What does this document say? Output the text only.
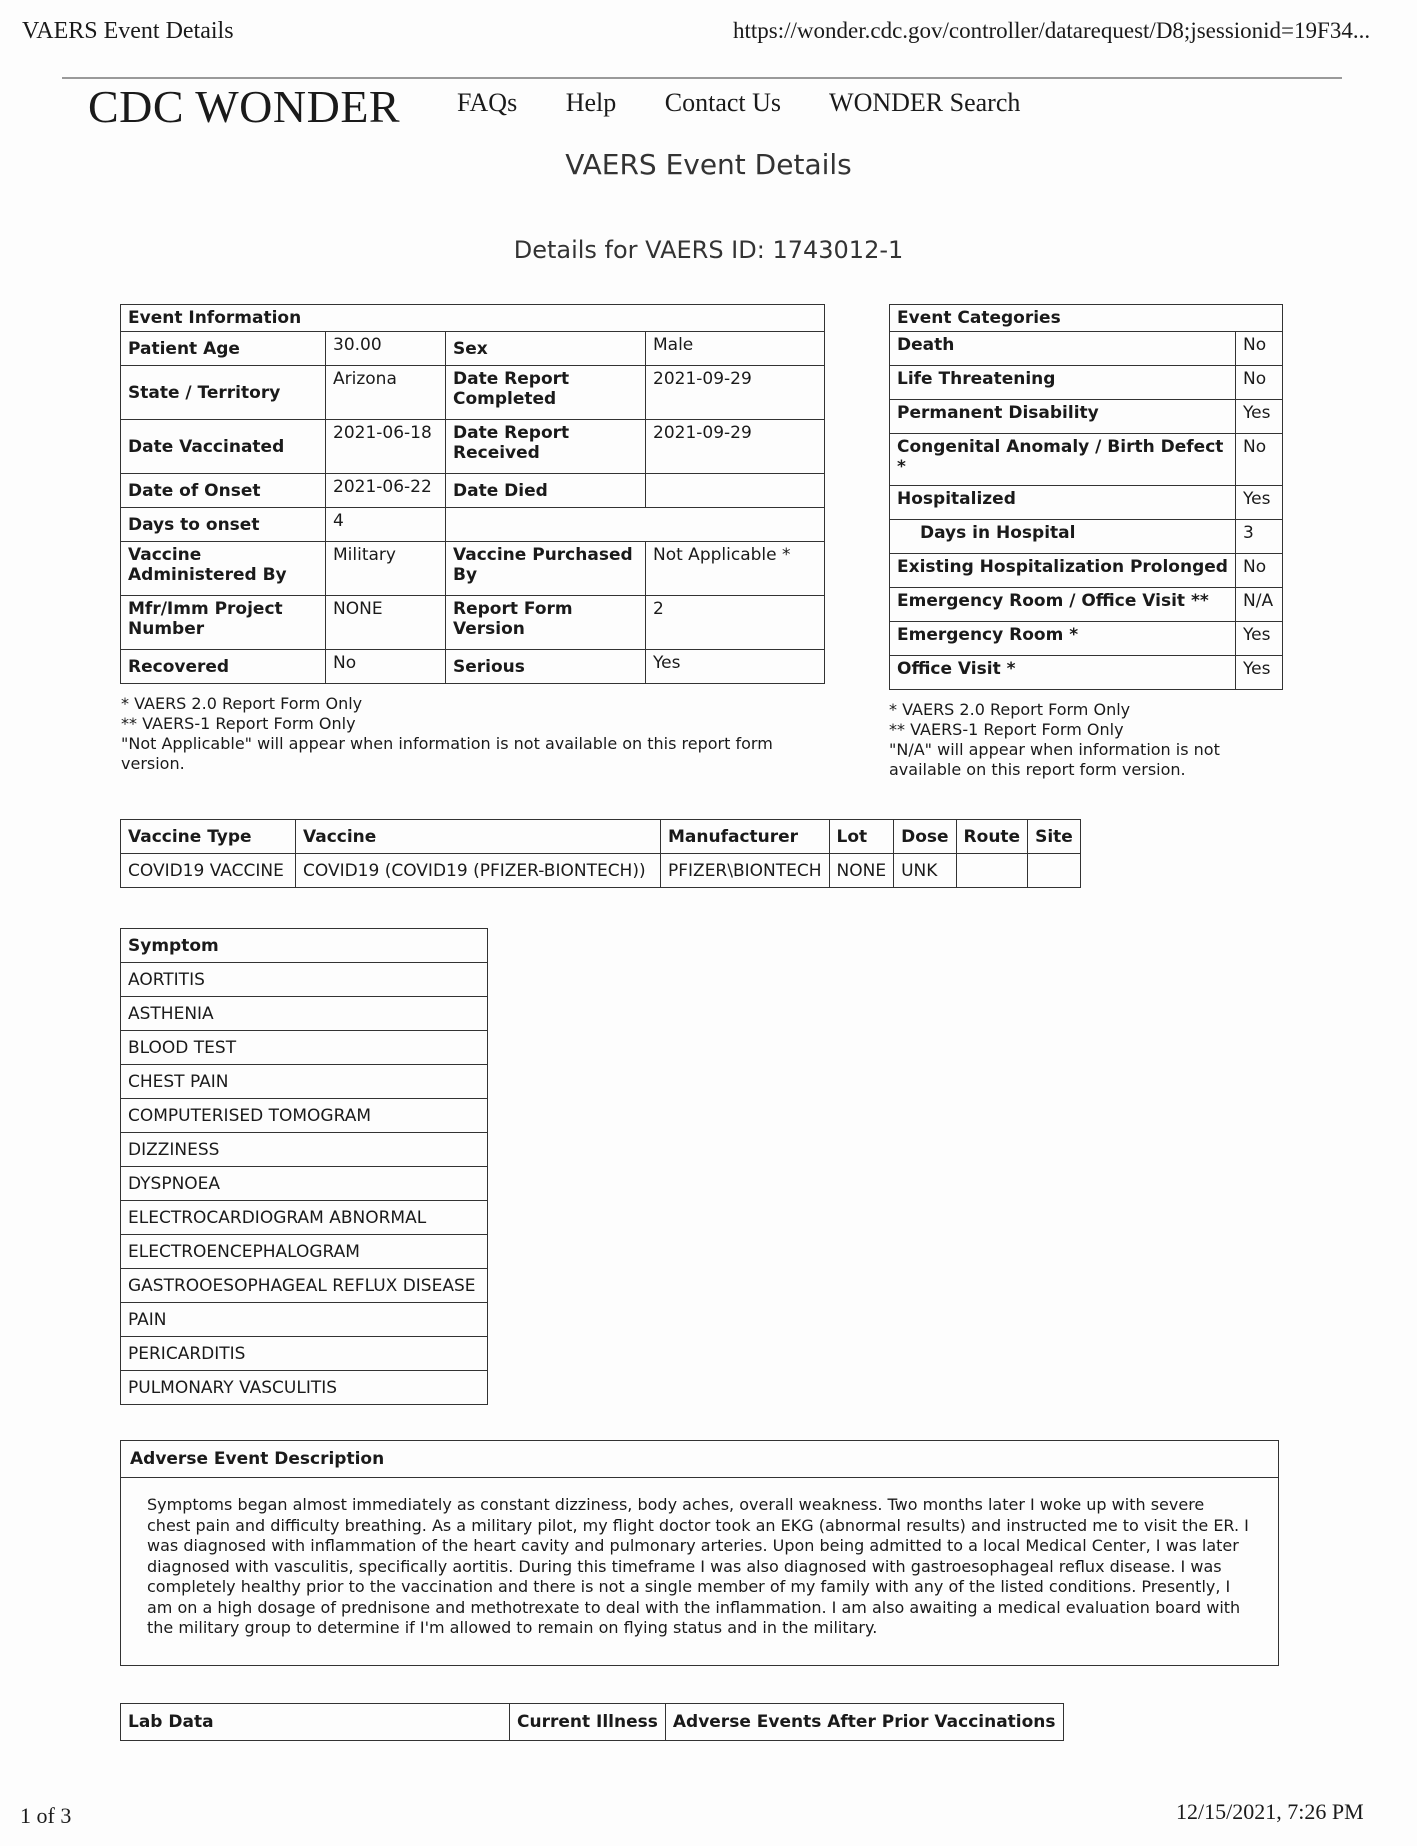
VAERS Event Details	https://wonder.cdc.gov/controller/datarequest/D8;jsessionid=19F34...
CDC WONDER FAQs Help Contact Us WONDER Search
VAERS Event Details
Details for VAERS ID: 1743012-1
Event Information			
Patient Age	30.00	Sex	Male
State / Territory	Arizona	Date Report Completed	2021-09-29
Date Vaccinated	2021-06-18	Date Report Received	2021-09-29
Date of Onset	2021-06-22	Date Died	
Days to onset	4		
Vaccine Administered By	Military	Vaccine Purchased By	Not Applicable *
Mfr/Imm Project Number	NONE	Report Form Version	2
Recovered	No	Serious	Yes
* VAERS 2.0 Report Form Only
** VAERS-1 Report Form Only
"Not Applicable" will appear when information is not available on this report form version.
Event Categories	
Death	No
Life Threatening	No
Permanent Disability	Yes
Congenital Anomaly / Birth Defect *	No
Hospitalized	Yes
Days in Hospital	3
Existing Hospitalization Prolonged	No
Emergency Room / Office Visit **	N/A
Emergency Room *	Yes
Office Visit *	Yes
* VAERS 2.0 Report Form Only
** VAERS-1 Report Form Only
"N/A" will appear when information is not available on this report form version.
Vaccine Type	Vaccine	Manufacturer	Lot	Dose	Route	Site
COVID19 VACCINE	COVID19 (COVID19 (PFIZER-BIONTECH))	PFIZER\BIONTECH	NONE	UNK		
Symptom
AORTITIS
ASTHENIA
BLOOD TEST
CHEST PAIN
COMPUTERISED TOMOGRAM
DIZZINESS
DYSPNOEA
ELECTROCARDIOGRAM ABNORMAL
ELECTROENCEPHALOGRAM
GASTROOESOPHAGEAL REFLUX DISEASE
PAIN
PERICARDITIS
PULMONARY VASCULITIS
Adverse Event Description
Symptoms began almost immediately as constant dizziness, body aches, overall weakness. Two months later I woke up with severe chest pain and difficulty breathing. As a military pilot, my flight doctor took an EKG (abnormal results) and instructed me to visit the ER. I was diagnosed with inflammation of the heart cavity and pulmonary arteries. Upon being admitted to a local Medical Center, I was later diagnosed with vasculitis, specifically aortitis. During this timeframe I was also diagnosed with gastroesophageal reflux disease. I was completely healthy prior to the vaccination and there is not a single member of my family with any of the listed conditions. Presently, I am on a high dosage of prednisone and methotrexate to deal with the inflammation. I am also awaiting a medical evaluation board with the military group to determine if I'm allowed to remain on flying status and in the military.
Lab Data	Current Illness	Adverse Events After Prior Vaccinations
1 of 3	12/15/2021, 7:26 PM
